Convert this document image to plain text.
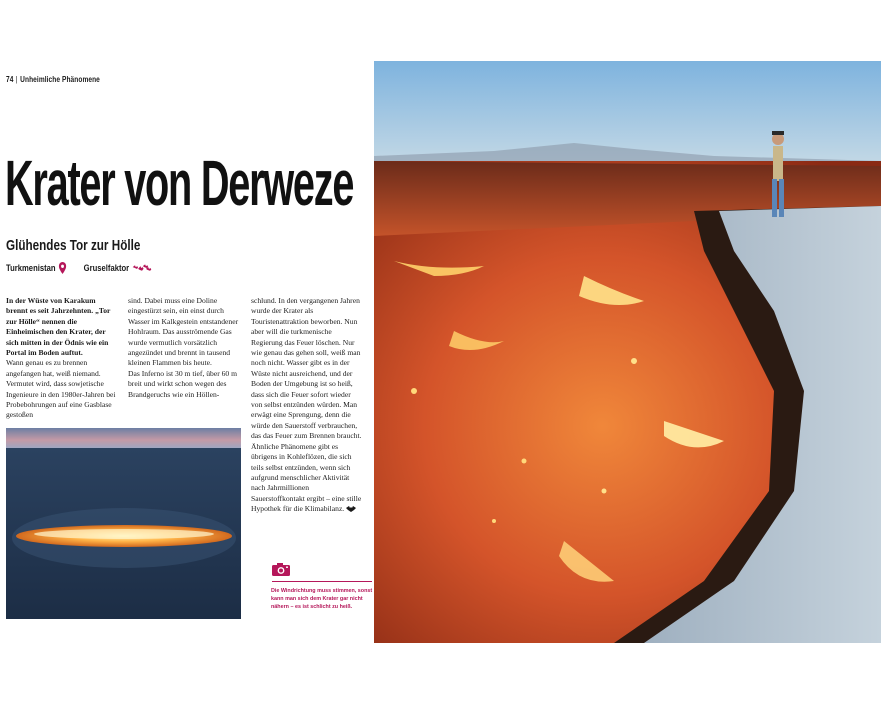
74 | Unheimliche Phänomene
Krater von Derweze
Glühendes Tor zur Hölle
Turkmenistan	Gruselfaktor

In der Wüste von Karakum brennt es seit Jahrzehnten. „Tor zur Hölle“ nennen die Einheimischen den Krater, der sich mitten in der Ödnis wie ein Portal im Boden auftut.

Wann genau es zu brennen angefangen hat, weiß niemand. Vermutet wird, dass sowjetische Ingenieure in den 1980er-Jahren bei Probebohrungen auf eine Gasblase gestoßen

sind. Dabei muss eine Doline eingestürzt sein, ein einst durch Wasser im Kalkgestein entstandener Hohlraum. Das ausströmende Gas wurde vermutlich vorsätzlich angezündet und brennt in tausend kleinen Flammen bis heute.

Das Inferno ist 30 m tief, über 60 m breit und wirkt schon wegen des Brandgeruchs wie ein Höllen-

schlund. In den vergangenen Jahren wurde der Krater als Touristenattraktion beworben. Nun aber will die turkmenische Regierung das Feuer löschen. Nur wie genau das gehen soll, weiß man noch nicht. Wasser gibt es in der Wüste nicht ausreichend, und der Boden der Umgebung ist so heiß, dass sich die Feuer sofort wieder von selbst entzünden würden. Man erwägt eine Sprengung, denn die würde den Sauerstoff verbrauchen, das das Feuer zum Brennen braucht. Ähnliche Phänomene gibt es übrigens in Kohleflözen, die sich teils selbst entzünden, wenn sich aufgrund menschlicher Aktivität nach Jahrmillionen Sauerstoffkontakt ergibt – eine stille Hypothek für die Klimabilanz.

Die Windrichtung muss stimmen, sonst kann man sich dem Krater gar nicht nähern – es ist schlicht zu heiß.
